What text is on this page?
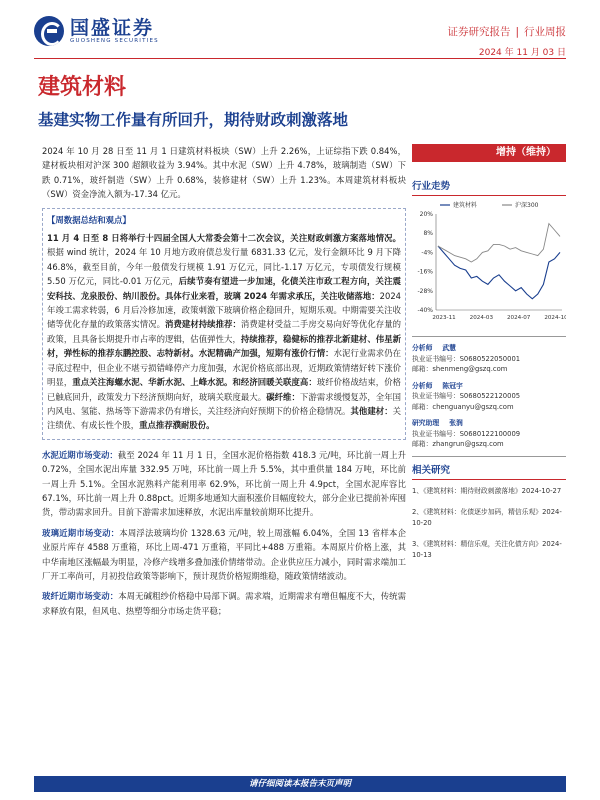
国盛证券
GUOSHENG SECURITIES
证券研究报告 | 行业周报
2024 年 11 月 03 日
建筑材料
基建实物工作量有所回升，期待财政刺激落地

2024 年 10 月 28 日至 11 月 1 日建筑材料板块（SW）上升 2.26%，上证综指下跌 0.84%，建材板块相对沪深 300 超额收益为 3.94%。其中水泥（SW）上升 4.78%，玻璃制造（SW）下跌 0.71%，玻纤制造（SW）上升 0.68%，装修建材（SW）上升 1.23%。本周建筑材料板块（SW）资金净流入额为-17.34 亿元。

【周数据总结和观点】

11 月 4 日至 8 日将举行十四届全国人大常委会第十二次会议，关注财政刺激方案落地情况。根据 wind 统计，2024 年 10 月地方政府债总发行量 6831.33 亿元，发行金额环比 9 月下降 46.8%，截至目前，今年一般债发行规模 1.91 万亿元，同比-1.17 万亿元，专项债发行规模 5.50 万亿元，同比-0.01 万亿元，后续节奏有望进一步加速，化债关注市政工程方向，关注震安科技、龙泉股份、纳川股份。具体行业来看，玻璃 2024 年需求承压，关注收储落地：2024 年竣工需求转弱，6 月后冷修加速，政策刺激下玻璃价格企稳回升，短期乐观。中期需要关注收储等优化存量的政策落实情况。消费建材持续推荐：消费建材受益二手房交易向好等优化存量的政策，且具备长期提升市占率的逻辑，估值弹性大，持续推荐，稳健标的推荐北新建材、伟星新材，弹性标的推荐东鹏控股、志特新材。水泥精确产加强，短期有涨价行情：水泥行业需求仍在寻底过程中，但企业不堪亏损错峰停产力度加强，水泥价格底部出现，近期政策情绪好转下涨价明显，重点关注海螺水泥、华新水泥、上峰水泥。和经济回暖关联度高：玻纤价格战结束，价格已触底回升，政策发力下经济预期向好，玻璃关联度最大。碳纤维：下游需求缓慢复苏，全年国内风电、氢能、热场等下游需求仍有增长，关注经济向好预期下的价格企稳情况。其他建材：关注绩优、有成长性个股，重点推荐濮耐股份。

水泥近期市场变动：截至 2024 年 11 月 1 日，全国水泥价格指数 418.3 元/吨，环比前一周上升 0.72%，全国水泥出库量 332.95 万吨，环比前一周上升 5.5%，其中重供量 184 万吨，环比前一周上升 5.1%。全国水泥熟料产能利用率 62.9%，环比前一周上升 4.9pct，全国水泥库容比 67.1%，环比前一周上升 0.88pct。近期多地通知大面积涨价目幅度较大，部分企业已提前补库囤货，带动需求回升。目前下游需求加速释放，水泥出库量较前期环比提升。

玻璃近期市场变动：本周浮法玻璃均价 1328.63 元/吨，较上周涨幅 6.04%，全国 13 省样本企业原片库存 4588 万重箱，环比上周-471 万重箱，平同比+488 万重箱。本周原片价格上涨，其中华南地区涨幅最为明显，冷修产线增多叠加涨价情绪带动。企业供应压力减小，同时需求端加工厂开工率尚可，月初投信政策等影响下，预计现货价格短期维稳，随政策情绪波动。

玻纤近期市场变动：本周无碱粗纱价格稳中局部下调。需求端，近期需求有增但幅度不大，传统需求释放有限，但风电、热塑等细分市场走货平稳；

增持（维持）
行业走势
20%
8%
-4%
-16%
-28%
-40%
2023-11 2024-03 2024-07 2024-10
建筑材料	沪深300
分析师 武慧
执业证书编号：S0680522050001
邮箱：shenmeng@gszq.com
分析师 陈冠宇
执业证书编号：S0680522120005
邮箱：chenguanyu@gszq.com
研究助理 张润
执业证书编号：S0680122100009
邮箱：zhangrun@gszq.com
相关研究
1、《建筑材料：期待财政刺激落地》2024-10-27
2、《建筑材料：化债逐步加码，精信乐观》2024-10-20
3、《建筑材料：精信乐观，关注化债方向》2024-10-13
请仔细阅读本报告末页声明
